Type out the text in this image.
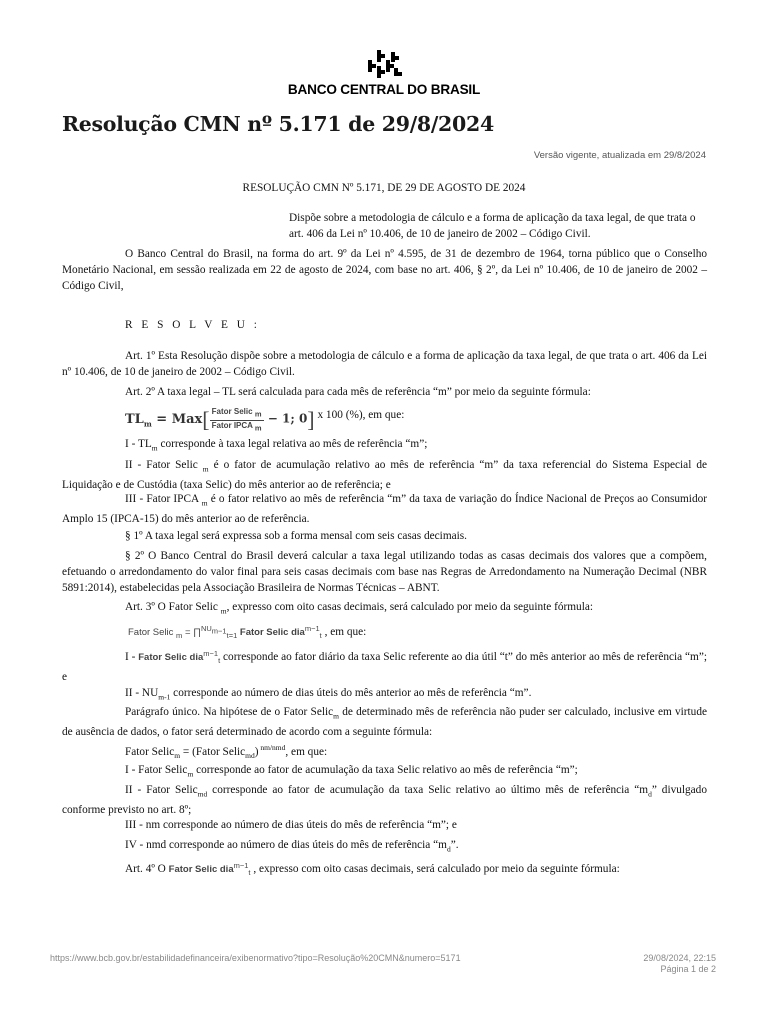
BANCO CENTRAL DO BRASIL
Resolução CMN nº 5.171 de 29/8/2024
Versão vigente, atualizada em 29/8/2024
RESOLUÇÃO CMN Nº 5.171, DE 29 DE AGOSTO DE 2024
Dispõe sobre a metodologia de cálculo e a forma de aplicação da taxa legal, de que trata o art. 406 da Lei nº 10.406, de 10 de janeiro de 2002 – Código Civil.

O Banco Central do Brasil, na forma do art. 9º da Lei nº 4.595, de 31 de dezembro de 1964, torna público que o Conselho Monetário Nacional, em sessão realizada em 22 de agosto de 2024, com base no art. 406, § 2º, da Lei nº 10.406, de 10 de janeiro de 2002 – Código Civil,

R E S O L V E U :

Art. 1º Esta Resolução dispõe sobre a metodologia de cálculo e a forma de aplicação da taxa legal, de que trata o art. 406 da Lei nº 10.406, de 10 de janeiro de 2002 – Código Civil.

Art. 2º A taxa legal – TL será calculada para cada mês de referência “m” por meio da seguinte fórmula:

$TL_m = Max[ \frac{Fator Selic _m}{Fator IPCA _m} - 1$; 0] x 100 (%), em que:

I - $TL_m$ corresponde à taxa legal relativa ao mês de referência “m”;

II - Fator Selic $_m$ é o fator de acumulação relativo ao mês de referência “m” da taxa referencial do Sistema Especial de Liquidação e de Custódia (taxa Selic) do mês anterior ao de referência; e

III - Fator IPCA $_m$ é o fator relativo ao mês de referência “m” da taxa de variação do Índice Nacional de Preços ao Consumidor Amplo 15 (IPCA-15) do mês anterior ao de referência.

§ 1º A taxa legal será expressa sob a forma mensal com seis casas decimais.

§ 2º O Banco Central do Brasil deverá calcular a taxa legal utilizando todas as casas decimais dos valores que a compõem, efetuando o arredondamento do valor final para seis casas decimais com base nas Regras de Arredondamento na Numeração Decimal (NBR 5891:2014), estabelecidas pela Associação Brasileira de Normas Técnicas – ABNT.

Art. 3º O Fator Selic $_m$, expresso com oito casas decimais, será calculado por meio da seguinte fórmula:

Fator Selic $_m$ = ∏$^{NU_{m-1}}_{t=1}$ Fator Selic dia$^{m-1}_t$ , em que:

I - Fator Selic dia$^{m-1}_t$ corresponde ao fator diário da taxa Selic referente ao dia útil “t” do mês anterior ao mês de referência “m”; e

II - $NU_{m-1}$ corresponde ao número de dias úteis do mês anterior ao mês de referência “m”.

Parágrafo único. Na hipótese de o Fator Selic$_m$ de determinado mês de referência não puder ser calculado, inclusive em virtude de ausência de dados, o fator será determinado de acordo com a seguinte fórmula:

Fator Selic$_m$ = (Fator Selic$_{md}$) $^{nm/nmd}$, em que:

I - Fator Selic$_m$ corresponde ao fator de acumulação da taxa Selic relativo ao mês de referência “m”;

II - Fator Selic$_{md}$ corresponde ao fator de acumulação da taxa Selic relativo ao último mês de referência “$m_d$” divulgado conforme previsto no art. 8º;

III - nm corresponde ao número de dias úteis do mês de referência “m”; e

IV - nmd corresponde ao número de dias úteis do mês de referência “$m_d$”.

Art. 4º O Fator Selic dia$^{m-1}_t$ , expresso com oito casas decimais, será calculado por meio da seguinte fórmula:

https://www.bcb.gov.br/estabilidadefinanceira/exibenormativo?tipo=Resolução%20CMN&numero=5171	29/08/2024, 22:15
Página 1 de 2
